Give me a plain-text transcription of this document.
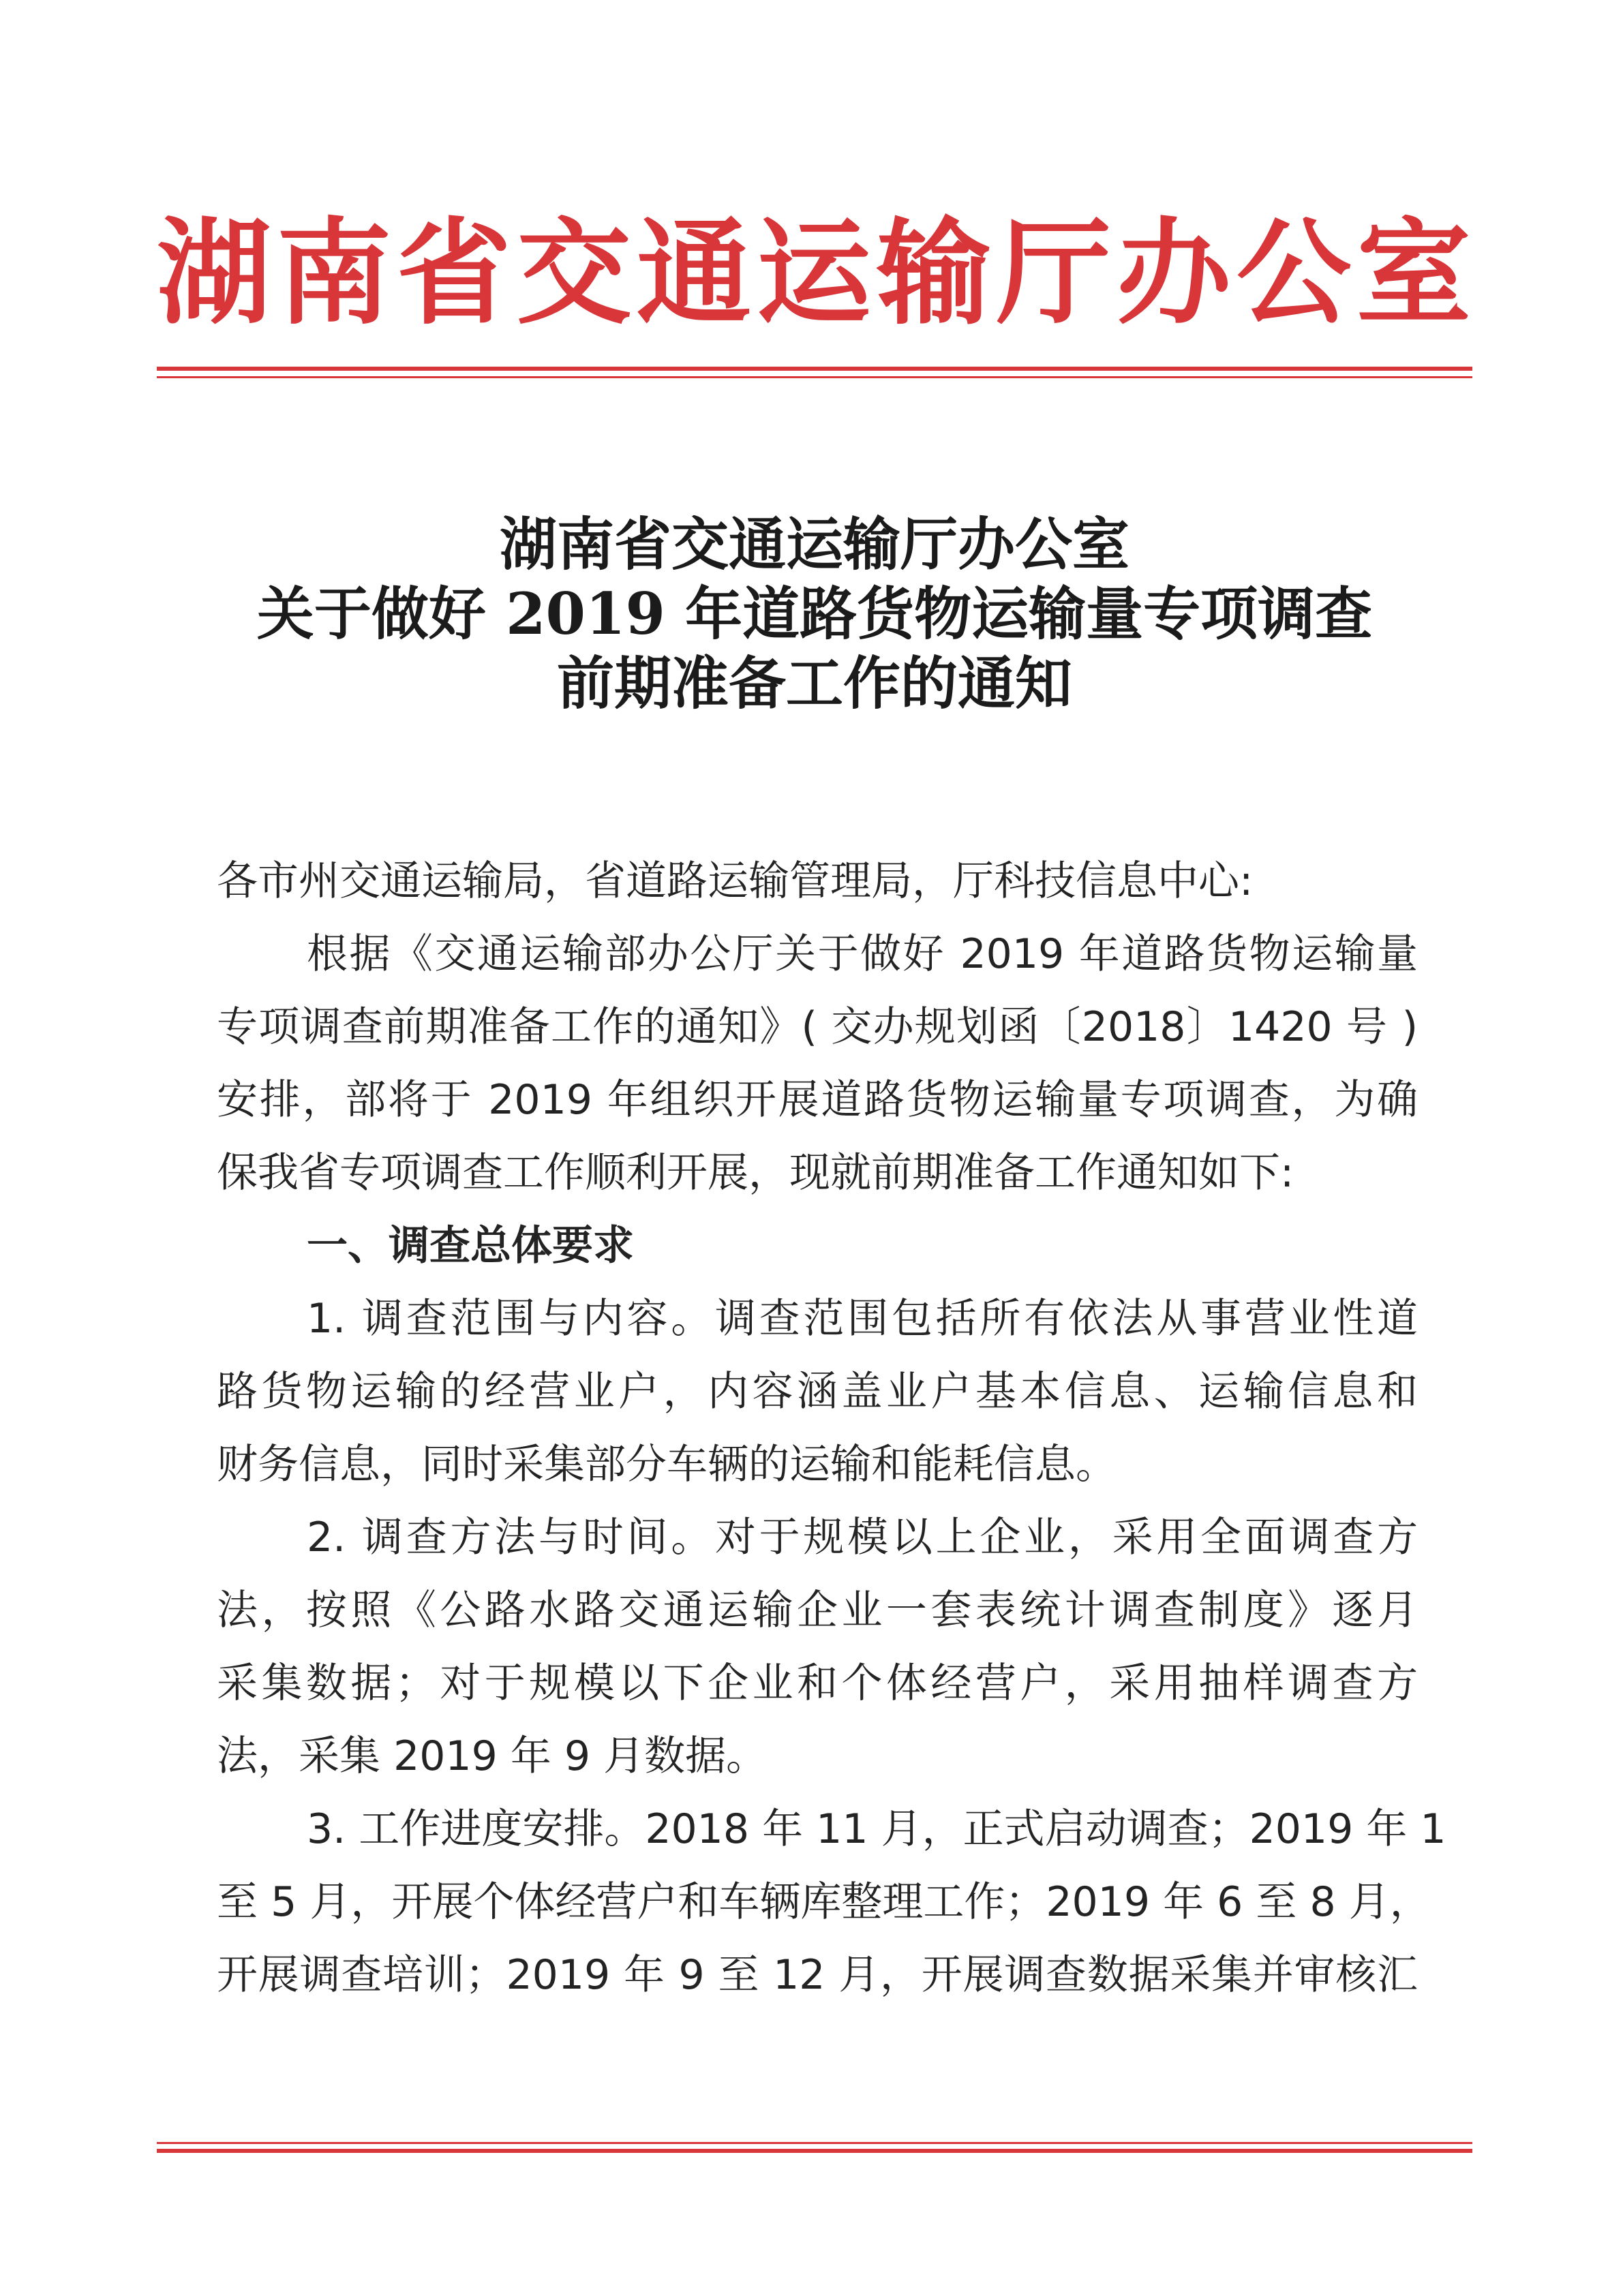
湖南省交通运输厅办公室
湖南省交通运输厅办公室
关于做好 2019 年道路货物运输量专项调查
前期准备工作的通知

各市州交通运输局，省道路运输管理局，厅科技信息中心:

根据《交通运输部办公厅关于做好 2019 年道路货物运输量
专项调查前期准备工作的通知》( 交办规划函〔2018〕1420 号 )
安排，部将于 2019 年组织开展道路货物运输量专项调查，为确
保我省专项调查工作顺利开展，现就前期准备工作通知如下:

一、调查总体要求

1. 调查范围与内容。调查范围包括所有依法从事营业性道
路货物运输的经营业户，内容涵盖业户基本信息、运输信息和
财务信息，同时采集部分车辆的运输和能耗信息。

2. 调查方法与时间。对于规模以上企业，采用全面调查方
法，按照《公路水路交通运输企业一套表统计调查制度》逐月
采集数据；对于规模以下企业和个体经营户，采用抽样调查方
法，采集 2019 年 9 月数据。

3. 工作进度安排。2018 年 11 月，正式启动调查；2019 年 1
至 5 月，开展个体经营户和车辆库整理工作；2019 年 6 至 8 月，
开展调查培训；2019 年 9 至 12 月，开展调查数据采集并审核汇
